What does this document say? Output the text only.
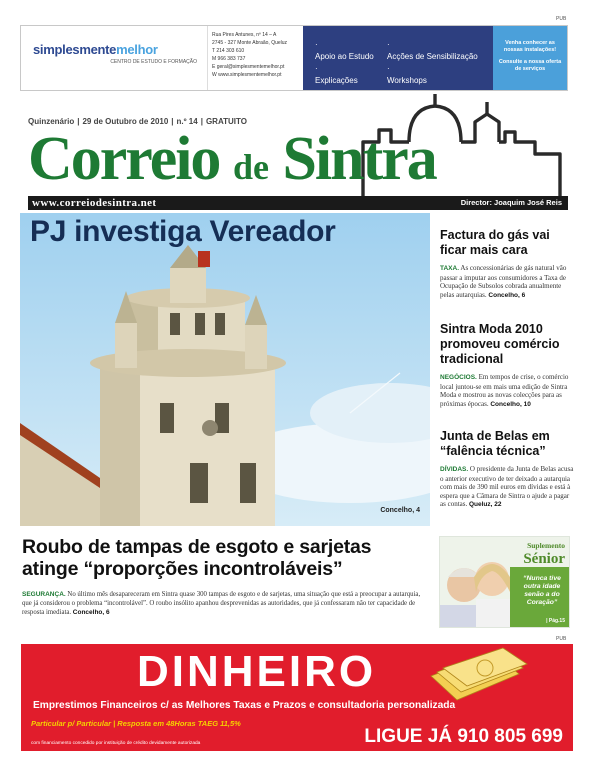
PUB
PUB
simplesmentemelhor
CENTRO DE ESTUDO E FORMAÇÃO
Rua Pires Antunes, nº 14 – A
2745 - 327 Monte Abraão, Queluz
T 214 303 610
M 966 383 737
E geral@simplesmentemelhor.pt
W www.simplesmentemelhor.pt
·
Apoio ao Estudo
·
Explicações
·
Formação
·
Acções de Sensibilização
·
Workshops
·
Festas Temáticas
Venha conhecer as nossas instalações!
Consulte a nossa oferta de serviços
Quinzenário | 29 de Outubro de 2010 | n.º 14 | GRATUITO
Correio de Sintra
www.correiodesintra.net	Director: Joaquim José Reis
PJ investiga Vereador
Concelho, 4
Factura do gás vai ficar mais cara
TAXA. As concessionárias de gás natural vão passar a imputar aos consumidores a Taxa de Ocupação de Subsolos cobrada anualmente pelas autarquias. Concelho, 6
Sintra Moda 2010 promoveu comércio tradicional
NEGÓCIOS. Em tempos de crise, o comércio local juntou-se em mais uma edição de Sintra Moda e mostrou as novas colecções para as próximas épocas. Concelho, 10
Junta de Belas em “falência técnica”
DÍVIDAS. O presidente da Junta de Belas acusa o anterior executivo de ter deixado a autarquia com mais de 390 mil euros em dívidas e está à espera que a Câmara de Sintra o ajude a pagar as contas. Queluz, 22
Roubo de tampas de esgoto e sarjetas atinge “proporções incontroláveis”
SEGURANÇA. No último mês desapareceram em Sintra quase 300 tampas de esgoto e de sarjetas, uma situação que está a preocupar a autarquia, que já considerou o problema “incontrolável”. O roubo insólito apanhou desprevenidas as autoridades, que já confessaram não ter capacidade de resposta imediata. Concelho, 6
Suplemento
Sénior
“Nunca tive outra idade senão a do Coração”
| Pág.15
DINHEIRO
Emprestimos Financeiros c/ as Melhores Taxas e Prazos e consultadoria personalizada
Particular p/ Particular | Resposta em 48Horas TAEG 11,5%
LIGUE JÁ 910 805 699
com financiamento concedido por instituição de crédito devidamente autorizada
